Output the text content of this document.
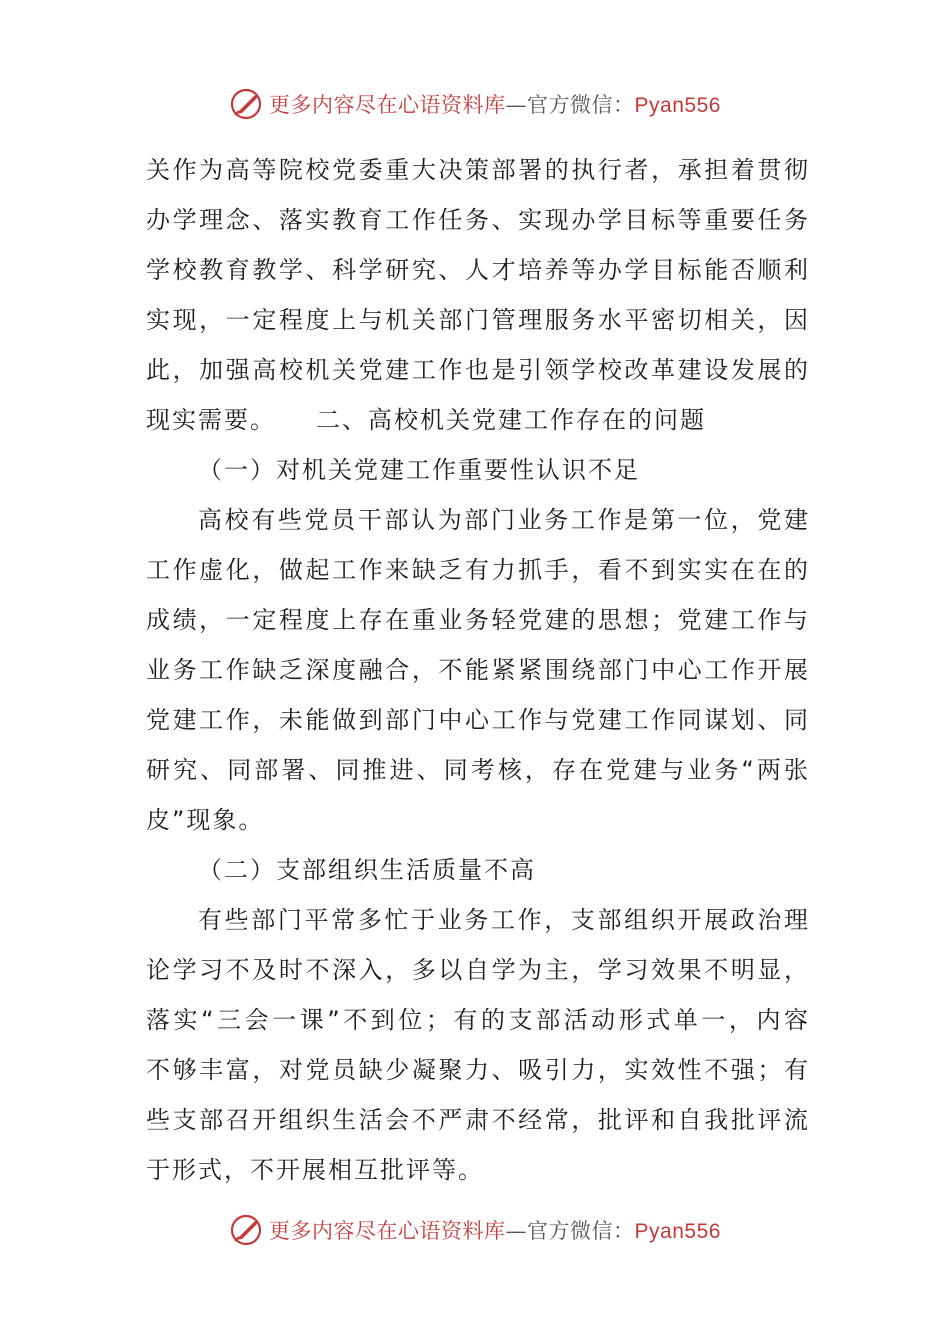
更多内容尽在心语资料库—官方微信：Pyan556
关作为高等院校党委重大决策部署的执行者，承担着贯彻
办学理念、落实教育工作任务、实现办学目标等重要任务
学校教育教学、科学研究、人才培养等办学目标能否顺利
实现，一定程度上与机关部门管理服务水平密切相关，因
此，加强高校机关党建工作也是引领学校改革建设发展的
现实需要。　　二、高校机关党建工作存在的问题
（一）对机关党建工作重要性认识不足
高校有些党员干部认为部门业务工作是第一位，党建
工作虚化，做起工作来缺乏有力抓手，看不到实实在在的
成绩，一定程度上存在重业务轻党建的思想；党建工作与
业务工作缺乏深度融合，不能紧紧围绕部门中心工作开展
党建工作，未能做到部门中心工作与党建工作同谋划、同
研究、同部署、同推进、同考核，存在党建与业务“两张
皮”现象。
（二）支部组织生活质量不高
有些部门平常多忙于业务工作，支部组织开展政治理
论学习不及时不深入，多以自学为主，学习效果不明显，
落实“三会一课”不到位；有的支部活动形式单一，内容
不够丰富，对党员缺少凝聚力、吸引力，实效性不强；有
些支部召开组织生活会不严肃不经常，批评和自我批评流
于形式，不开展相互批评等。
更多内容尽在心语资料库—官方微信：Pyan556
